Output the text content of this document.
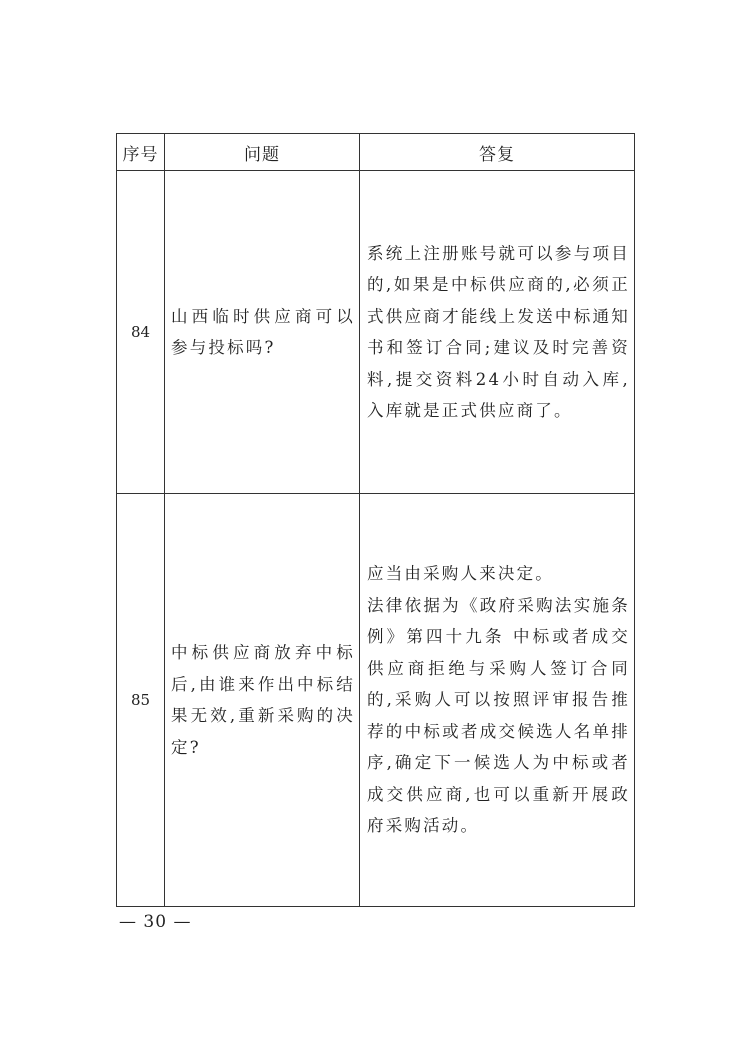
序号	问题	答复
84	山西临时供应商可以参与投标吗?	系统上注册账号就可以参与项目的,如果是中标供应商的,必须正式供应商才能线上发送中标通知书和签订合同;建议及时完善资料,提交资料24小时自动入库,入库就是正式供应商了。

85	中标供应商放弃中标后,由谁来作出中标结果无效,重新采购的决定?	应当由采购人来决定。
法律依据为《政府采购法实施条例》第四十九条 中标或者成交供应商拒绝与采购人签订合同的,采购人可以按照评审报告推荐的中标或者成交候选人名单排序,确定下一候选人为中标或者成交供应商,也可以重新开展政府采购活动。
— 30 —
